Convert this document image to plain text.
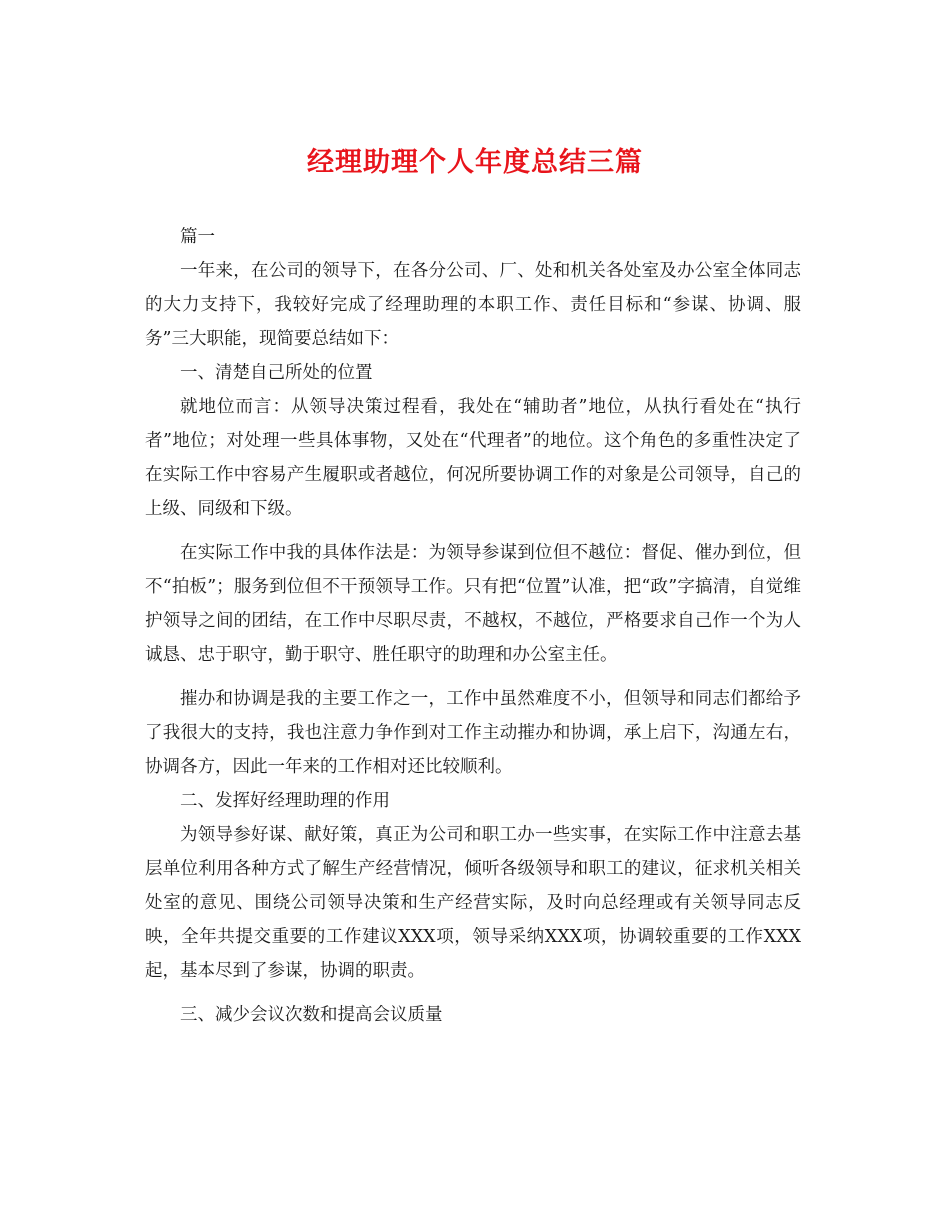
经理助理个人年度总结三篇

篇一

一年来，在公司的领导下，在各分公司、厂、处和机关各处室及办公室全体同志的大力支持下，我较好完成了经理助理的本职工作、责任目标和“参谋、协调、服务”三大职能，现简要总结如下：

一、清楚自己所处的位置

就地位而言：从领导决策过程看，我处在“辅助者”地位，从执行看处在“执行者”地位；对处理一些具体事物，又处在“代理者”的地位。这个角色的多重性决定了在实际工作中容易产生履职或者越位，何况所要协调工作的对象是公司领导，自己的上级、同级和下级。

在实际工作中我的具体作法是：为领导参谋到位但不越位：督促、催办到位，但不“拍板”；服务到位但不干预领导工作。只有把“位置”认准，把“政”字搞清，自觉维护领导之间的团结，在工作中尽职尽责，不越权，不越位，严格要求自己作一个为人诚恳、忠于职守，勤于职守、胜任职守的助理和办公室主任。

摧办和协调是我的主要工作之一，工作中虽然难度不小，但领导和同志们都给予了我很大的支持，我也注意力争作到对工作主动摧办和协调，承上启下，沟通左右，协调各方，因此一年来的工作相对还比较顺利。

二、发挥好经理助理的作用

为领导参好谋、献好策，真正为公司和职工办一些实事，在实际工作中注意去基层单位利用各种方式了解生产经营情况，倾听各级领导和职工的建议，征求机关相关处室的意见、围绕公司领导决策和生产经营实际，及时向总经理或有关领导同志反映，全年共提交重要的工作建议XXX项，领导采纳XXX项，协调较重要的工作XXX起，基本尽到了参谋，协调的职责。

三、减少会议次数和提高会议质量
